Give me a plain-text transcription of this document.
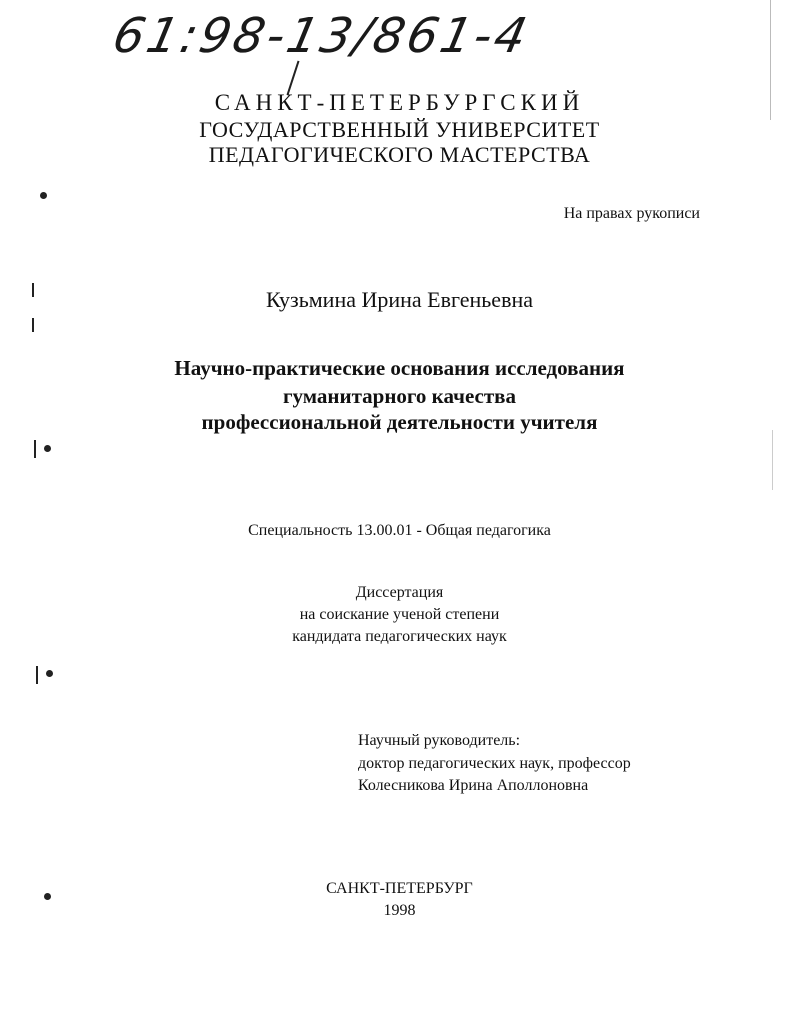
61:98-13/861-4
САНКТ-ПЕТЕРБУРГСКИЙ
ГОСУДАРСТВЕННЫЙ УНИВЕРСИТЕТ
ПЕДАГОГИЧЕСКОГО МАСТЕРСТВА
На правах рукописи
Кузьмина Ирина Евгеньевна
Научно-практические основания исследования
гуманитарного качества
профессиональной деятельности учителя
Специальность 13.00.01 - Общая педагогика
Диссертация
на соискание ученой степени
кандидата педагогических наук
Научный руководитель:
доктор педагогических наук, профессор
Колесникова Ирина Аполлоновна
САНКТ-ПЕТЕРБУРГ
1998
